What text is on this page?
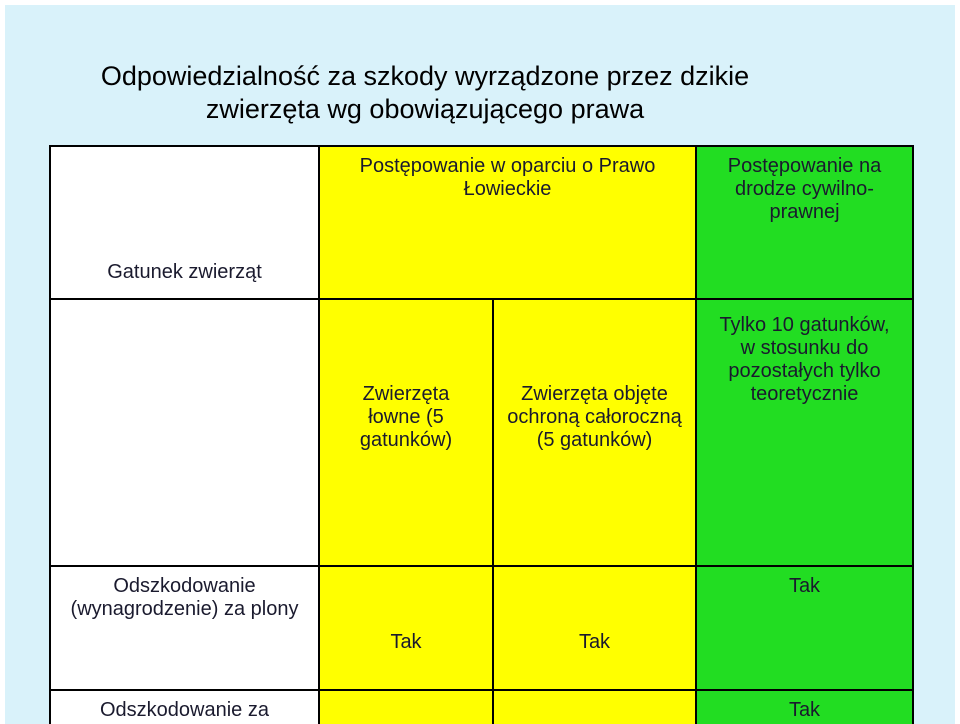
Odpowiedzialność za szkody wyrządzone przez dzikie
zwierzęta wg obowiązującego prawa
Gatunek zwierząt
Postępowanie w oparciu o Prawo Łowieckie
Postępowanie na drodze cywilno-prawnej
Zwierzęta łowne (5 gatunków)
Zwierzęta objęte ochroną całoroczną (5 gatunków)
Tylko 10 gatunków, w stosunku do pozostałych tylko teoretycznie
Odszkodowanie (wynagrodzenie) za plony
Tak	Tak
Tak
Odszkodowanie za	Tak
